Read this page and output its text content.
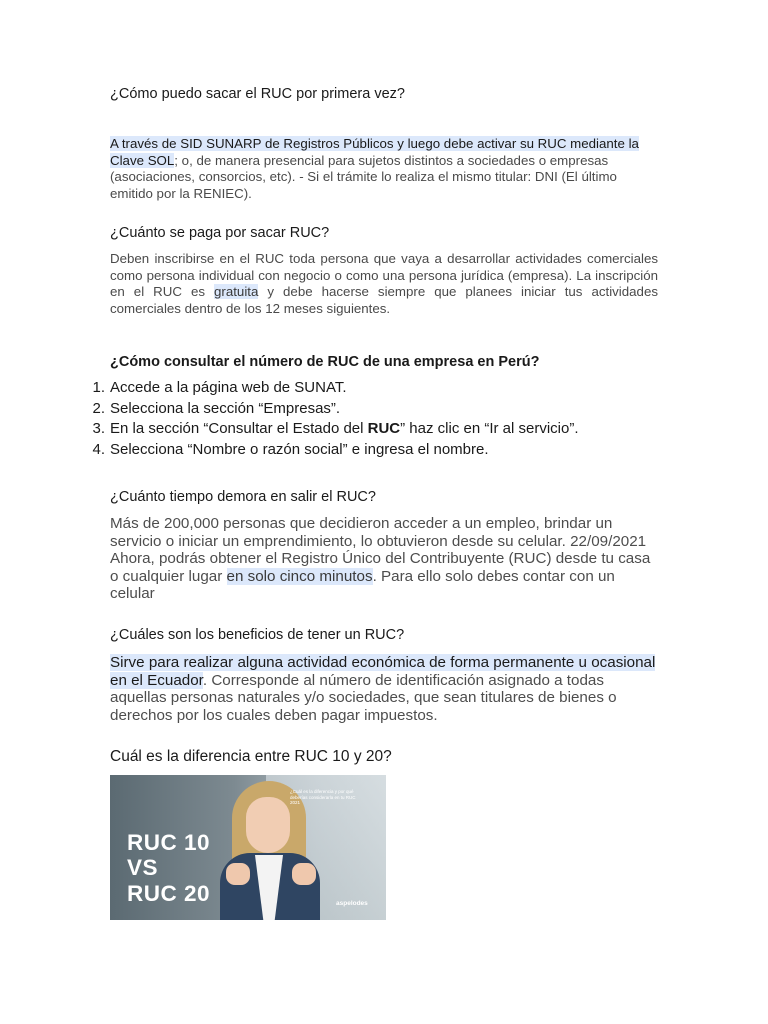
¿Cómo puedo sacar el RUC por primera vez?
A través de SID SUNARP de Registros Públicos y luego debe activar su RUC mediante la Clave SOL; o, de manera presencial para sujetos distintos a sociedades o empresas (asociaciones, consorcios, etc). - Si el trámite lo realiza el mismo titular: DNI (El último emitido por la RENIEC).
¿Cuánto se paga por sacar RUC?
Deben inscribirse en el RUC toda persona que vaya a desarrollar actividades comerciales como persona individual con negocio o como una persona jurídica (empresa). La inscripción en el RUC es gratuita y debe hacerse siempre que planees iniciar tus actividades comerciales dentro de los 12 meses siguientes.
¿Cómo consultar el número de RUC de una empresa en Perú?
1. Accede a la página web de SUNAT.
2. Selecciona la sección “Empresas”.
3. En la sección “Consultar el Estado del RUC” haz clic en “Ir al servicio”.
4. Selecciona “Nombre o razón social” e ingresa el nombre.
¿Cuánto tiempo demora en salir el RUC?
Más de 200,000 personas que decidieron acceder a un empleo, brindar un servicio o iniciar un emprendimiento, lo obtuvieron desde su celular. 22/09/2021 Ahora, podrás obtener el Registro Único del Contribuyente (RUC) desde tu casa o cualquier lugar en solo cinco minutos. Para ello solo debes contar con un celular
¿Cuáles son los beneficios de tener un RUC?
Sirve para realizar alguna actividad económica de forma permanente u ocasional en el Ecuador. Corresponde al número de identificación asignado a todas aquellas personas naturales y/o sociedades, que sean titulares de bienes o derechos por los cuales deben pagar impuestos.
Cuál es la diferencia entre RUC 10 y 20?
¿Cuál es la diferencia y por qué deberías considerarla en tu RUC 2021
RUC 10
VS
RUC 20	aspelodes
